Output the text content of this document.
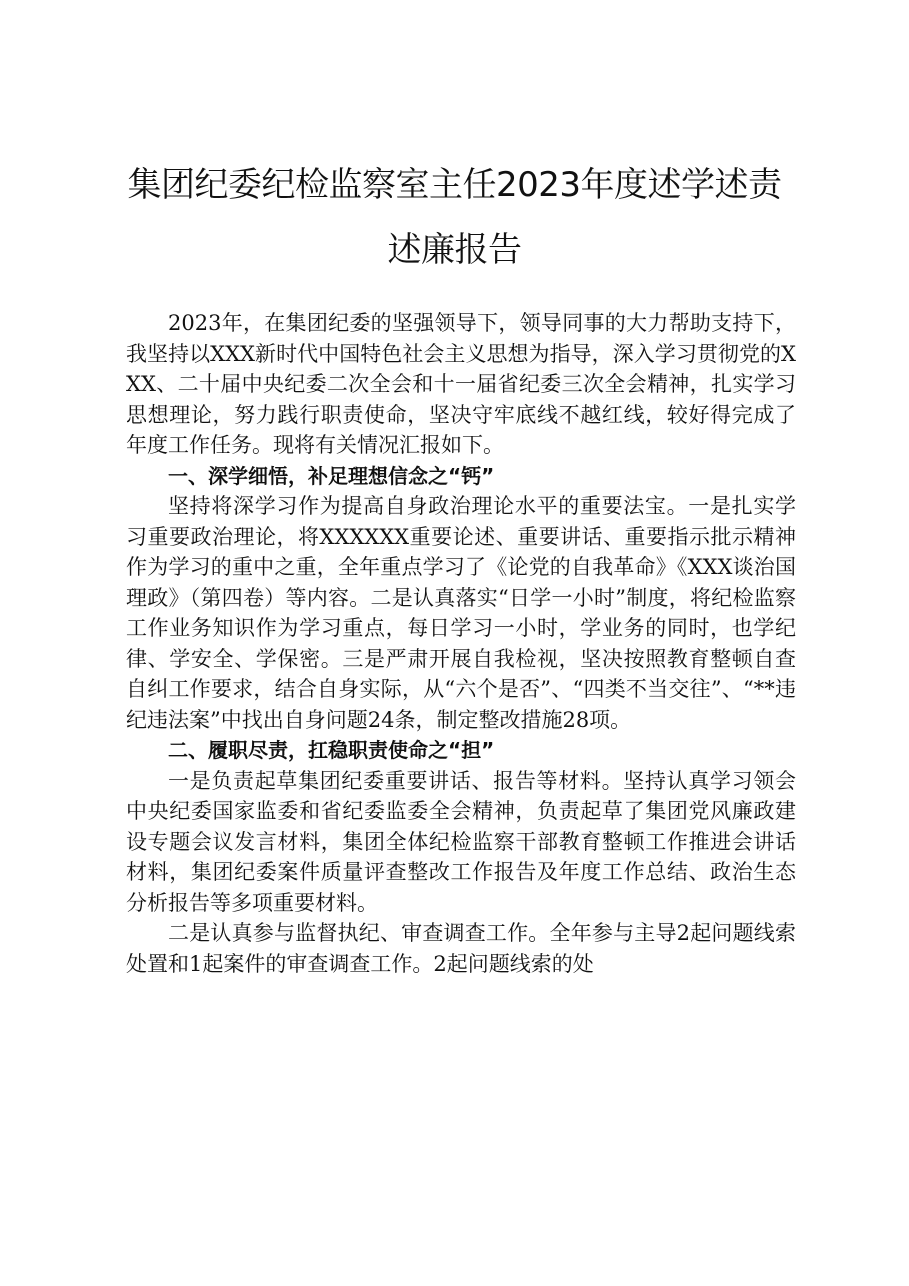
集团纪委纪检监察室主任2023年度述学述责
述廉报告

2023年，在集团纪委的坚强领导下，领导同事的大力帮助支持下，我坚持以XXX新时代中国特色社会主义思想为指导，深入学习贯彻党的XXX、二十届中央纪委二次全会和十一届省纪委三次全会精神，扎实学习思想理论，努力践行职责使命，坚决守牢底线不越红线，较好得完成了年度工作任务。现将有关情况汇报如下。

一、深学细悟，补足理想信念之“钙”

坚持将深学习作为提高自身政治理论水平的重要法宝。一是扎实学习重要政治理论，将XXXXXX重要论述、重要讲话、重要指示批示精神作为学习的重中之重，全年重点学习了《论党的自我革命》《XXX谈治国理政》（第四卷）等内容。二是认真落实“日学一小时”制度，将纪检监察工作业务知识作为学习重点，每日学习一小时，学业务的同时，也学纪律、学安全、学保密。三是严肃开展自我检视，坚决按照教育整顿自查自纠工作要求，结合自身实际，从“六个是否”、“四类不当交往”、“**违纪违法案”中找出自身问题24条，制定整改措施28项。

二、履职尽责，扛稳职责使命之“担”

一是负责起草集团纪委重要讲话、报告等材料。坚持认真学习领会中央纪委国家监委和省纪委监委全会精神，负责起草了集团党风廉政建设专题会议发言材料，集团全体纪检监察干部教育整顿工作推进会讲话材料，集团纪委案件质量评查整改工作报告及年度工作总结、政治生态分析报告等多项重要材料。

二是认真参与监督执纪、审查调查工作。全年参与主导2起问题线索处置和1起案件的审查调查工作。2起问题线索的处
